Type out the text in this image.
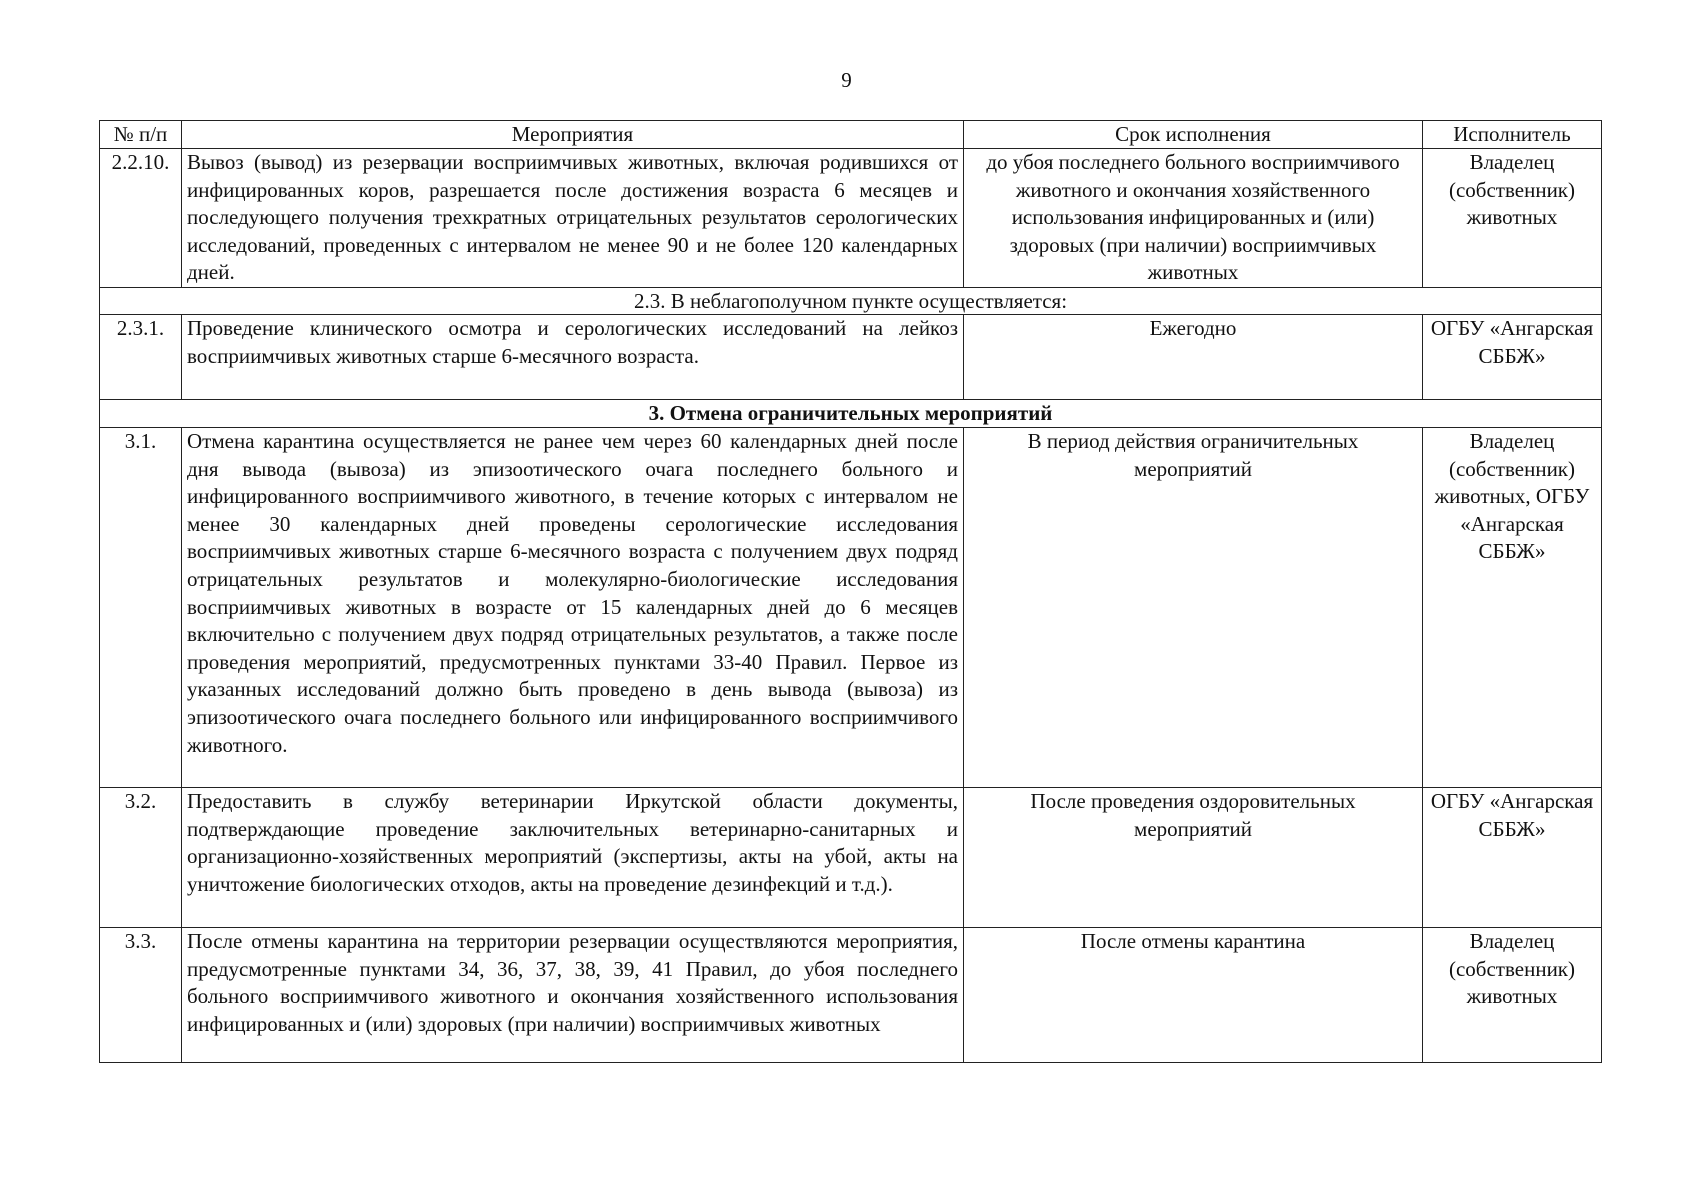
9
№ п/п	Мероприятия	Срок исполнения	Исполнитель
2.2.10.	Вывоз (вывод) из резервации восприимчивых животных, включая родившихся от инфицированных коров, разрешается после достижения возраста 6 месяцев и последующего получения трехкратных отрицательных результатов серологических исследований, проведенных с интервалом не менее 90 и не более 120 календарных дней.	до убоя последнего больного восприимчивого животного и окончания хозяйственного использования инфицированных и (или) здоровых (при наличии) восприимчивых животных	Владелец (собственник) животных
2.3. В неблагополучном пункте осуществляется:			
2.3.1.	Проведение клинического осмотра и серологических исследований на лейкоз восприимчивых животных старше 6-месячного возраста.	Ежегодно	ОГБУ «Ангарская СББЖ»
3. Отмена ограничительных мероприятий			
3.1.	Отмена карантина осуществляется не ранее чем через 60 календарных дней после дня вывода (вывоза) из эпизоотического очага последнего больного и инфицированного восприимчивого животного, в течение которых с интервалом не менее 30 календарных дней проведены серологические исследования восприимчивых животных старше 6-месячного возраста с получением двух подряд отрицательных результатов и молекулярно-биологические исследования восприимчивых животных в возрасте от 15 календарных дней до 6 месяцев включительно с получением двух подряд отрицательных результатов, а также после проведения мероприятий, предусмотренных пунктами 33-40 Правил. Первое из указанных исследований должно быть проведено в день вывода (вывоза) из эпизоотического очага последнего больного или инфицированного восприимчивого животного.	В период действия ограничительных мероприятий	Владелец (собственник) животных, ОГБУ «Ангарская СББЖ»
3.2.	Предоставить в службу ветеринарии Иркутской области документы, подтверждающие проведение заключительных ветеринарно-санитарных и организационно-хозяйственных мероприятий (экспертизы, акты на убой, акты на уничтожение биологических отходов, акты на проведение дезинфекций и т.д.).	После проведения оздоровительных мероприятий	ОГБУ «Ангарская СББЖ»
3.3.	После отмены карантина на территории резервации осуществляются мероприятия, предусмотренные пунктами 34, 36, 37, 38, 39, 41 Правил, до убоя последнего больного восприимчивого животного и окончания хозяйственного использования инфицированных и (или) здоровых (при наличии) восприимчивых животных	После отмены карантина	Владелец (собственник) животных
